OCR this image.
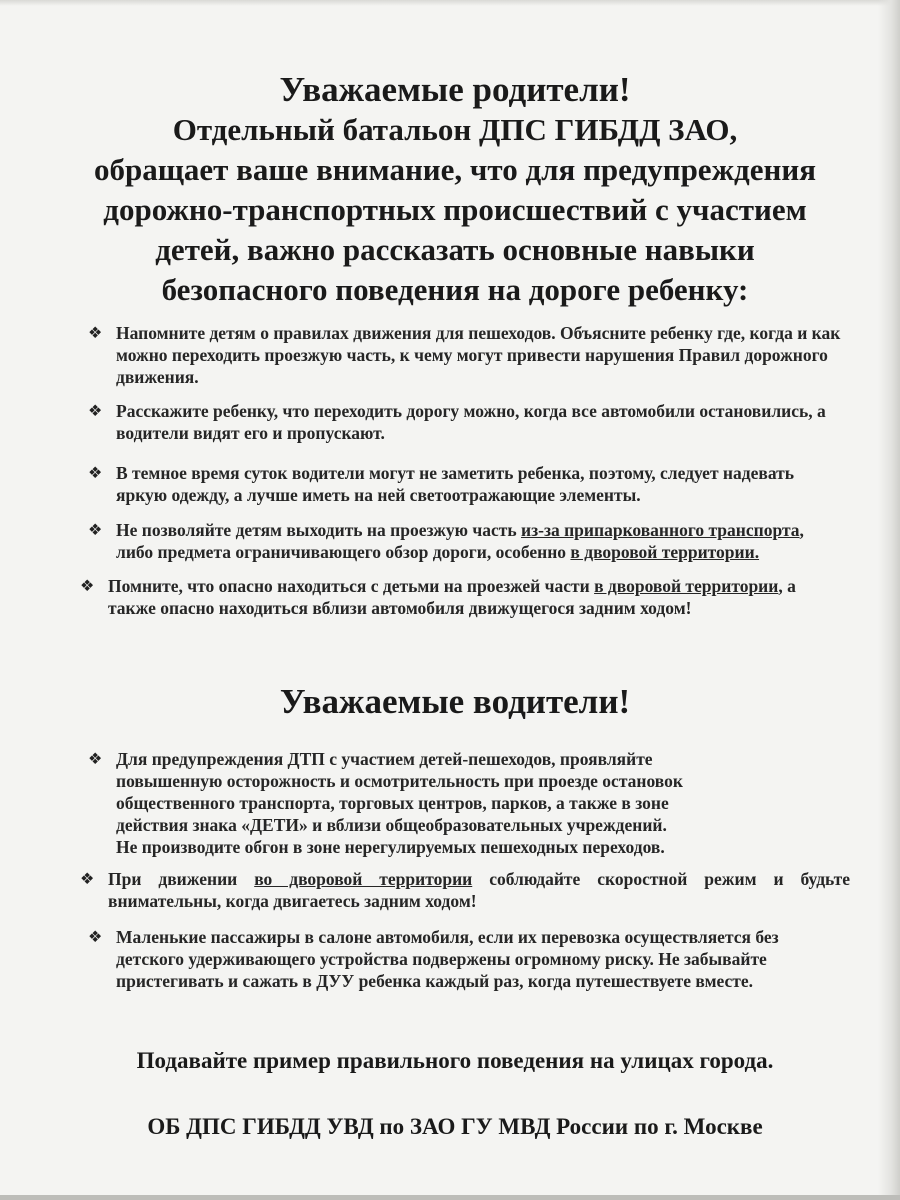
Уважаемые родители!
Отдельный батальон ДПС ГИБДД ЗАО,
обращает ваше внимание, что для предупреждения
дорожно-транспортных происшествий с участием
детей, важно рассказать основные навыки
безопасного поведения на дороге ребенку:
❖ Напомните детям о правилах движения для пешеходов. Объясните ребенку где, когда и как можно переходить проезжую часть, к чему могут привести нарушения Правил дорожного движения.
❖ Расскажите ребенку, что переходить дорогу можно, когда все автомобили остановились, а водители видят его и пропускают.
❖ В темное время суток водители могут не заметить ребенка, поэтому, следует надевать яркую одежду, а лучше иметь на ней светоотражающие элементы.
❖ Не позволяйте детям выходить на проезжую часть из-за припаркованного транспорта, либо предмета ограничивающего обзор дороги, особенно в дворовой территории.
❖ Помните, что опасно находиться с детьми на проезжей части в дворовой территории, а также опасно находиться вблизи автомобиля движущегося задним ходом!
Уважаемые водители!
❖ Для предупреждения ДТП с участием детей-пешеходов, проявляйте
повышенную осторожность и осмотрительность при проезде остановок
общественного транспорта, торговых центров, парков, а также в зоне
действия знака «ДЕТИ» и вблизи общеобразовательных учреждений.
Не производите обгон в зоне нерегулируемых пешеходных переходов.
❖ При движении во дворовой территории соблюдайте скоростной режим и будьте внимательны, когда двигаетесь задним ходом!
❖ Маленькие пассажиры в салоне автомобиля, если их перевозка осуществляется без детского удерживающего устройства подвержены огромному риску. Не забывайте пристегивать и сажать в ДУУ ребенка каждый раз, когда путешествуете вместе.
Подавайте пример правильного поведения на улицах города.
ОБ ДПС ГИБДД УВД по ЗАО ГУ МВД России по г. Москве
